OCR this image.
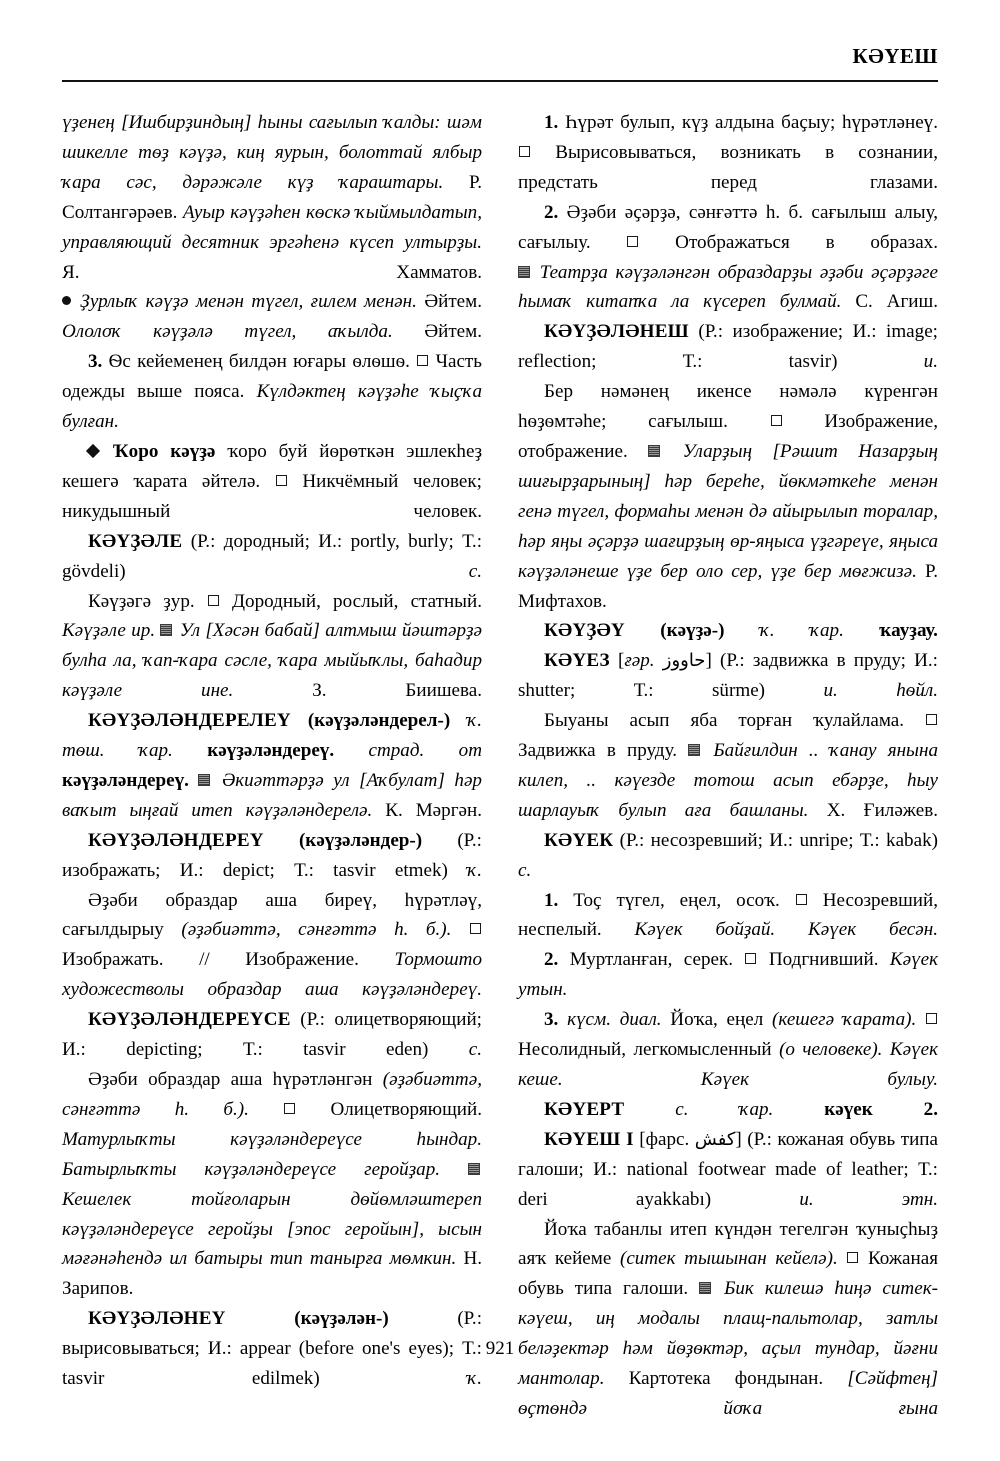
КӘYЕШ

үҙенең [Ишбирҙиндың] һыны сағылып ҡалды: шәм шикелле тѳҙ кәүҙә, киң яурын, болоттай ялбыр ҡара сәс, дәрәжәле күҙ ҡараштары. Р. Солтангәрәев. Ауыр кәүҙәһен кѳскә ҡыймылдатып, управляющий десятник эргәһенә күсеп ултырҙы. Я. Хамматов.

Ҙурлыҡ кәүҙә менән түгел, ғилем менән. Әйтем. Ололоҡ кәүҙәлә түгел, аҡылда. Әйтем.

3. Ѳс кейеменең билдән юғары ѳлѳшѳ. Часть одежды выше пояса. Күлдәктең кәүҙәһе ҡыҫҡа булған.

Ҡоро кәүҙә ҡоро буй йѳрѳткән эшлекһеҙ кешегә ҡарата әйтелә. Никчёмный человек; никудышный человек.

КӘҮҘӘЛЕ (Р.: дородный; И.: portly, burly; Т.: gövdeli)	с.

Кәүҙәгә ҙур. Дородный, рослый, статный. Кәүҙәле ир. Ул [Хәсән бабай] алтмыш йәштәрҙә булһа ла, ҡап-ҡара сәсле, ҡара мыйыҡлы, баһадир кәүҙәле ине.	З. Биишева.

КӘҮҘӘЛӘНДЕРЕЛЕҮ (кәүҙәләндерел-) ҡ. тѳш. ҡар. кәүҙәләндереү. страд. от кәүҙәләндереү. Әкиәттәрҙә ул [Аҡбулат] һәр ваҡыт ыңғай итеп кәүҙәләндерелә. К. Мәргән.

КӘҮҘӘЛӘНДЕРЕҮ (кәүҙәләндер-) (Р.: изображать; И.: depict; Т.: tasvir etmek) ҡ.

Әҙәби образдар аша биреү, һүрәтләү, сағылдырыу (әҙәбиәттә, сәнғәттә һ. б.).  Изображать. // Изображение. Тормошто художестволы образдар аша кәүҙәләндереү.

КӘҮҘӘЛӘНДЕРЕҮСЕ (Р.: олицетворяющий; И.: depicting; Т.: tasvir eden) с.

Әҙәби образдар аша һүрәтләнгән (әҙәбиәттә, сәнғәттә һ. б.).	Олицетворяющий. Матурлыҡты кәүҙәләндереүсе һындар. Батырлыҡты кәүҙәләндереүсе геройҙар.  Кешелек тойғоларын дѳйѳмләштереп кәүҙәләндереүсе геройҙы [эпос геройын], ысын мәғәнәһендә ил батыры тип танырға мѳмкин. Н. Зарипов.

КӘҮҘӘЛӘНЕҮ	(кәүҙәлән-)	(Р.: вырисовываться; И.: appear (before one's eyes); Т.: tasvir edilmek)	ҡ.

1. Һүрәт булып, күҙ алдына баҫыу; һүрәтләнеү.  Вырисовываться, возникать в сознании, предстать перед глазами.

2. Әҙәби әҫәрҙә, сәнғәттә һ. б. сағылыш алыу, сағылыу.	Отображаться в образах.

Театрҙа кәүҙәләнгән образдарҙы әҙәби әҫәрҙәге һымаҡ китапҡа ла күсереп булмай. С. Агиш.

КӘҮҘӘЛӘНЕШ (Р.: изображение; И.: image; reflection; Т.: tasvir)	и.

Бер нәмәнең икенсе нәмәлә күренгән һѳҙѳмтәһе; сағылыш.	Изображение, отображение.	Уларҙың [Рәшит Назарҙың шиғырҙарының] һәр береһе, йѳкмәткеһе менән генә түгел, формаһы менән дә айырылып торалар, һәр яңы әҫәрҙә шағирҙың ѳр-яңыса үҙгәреүе, яңыса кәүҙәләнеше үҙе бер оло сер, үҙе бер мѳғжизә. Р. Мифтахов.

КӘҮҘӘҮ (кәүҙә-) ҡ. ҡар. ҡауҙау.

КӘҮЕЗ [ғәр. حاووز] (Р.: задвижка в пруду; И.: shutter; Т.: sürme)	и. һѳйл.

Быуаны асып яба торған ҡулайлама.  Задвижка в пруду. Байғилдин .. ҡанау янына килеп, .. кәүезде тотош асып ебәрҙе, һыу шарлауыҡ булып аға башланы. Х. Ғиләжев.

КӘҮЕК (Р.: несозревший; И.: unripe; Т.: kabak) с.

1. Тоҫ түгел, еңел, осоҡ. Несозревший, неспелый. Кәүек бойҙай. Кәүек бесән.

2. Муртланған, серек. Подгнивший. Кәүек утын.

3. күсм. диал. Йоҡа, еңел (кешегә ҡарата).  Несолидный, легкомысленный (о человеке). Кәүек кеше. Кәүек булыу.

КӘҮЕРТ	с. ҡар.	кәүек 2.

КӘҮЕШ I [фарс. كفش] (Р.: кожаная обувь типа галоши; И.: national footwear made of leather; Т.: deri ayakkabı)	и. этн.

Йоҡа табанлы итеп күндән тегелгән ҡуныҫһыҙ аяҡ кейеме (ситек тышынан кейелә). Кожаная обувь типа галоши. Бик килешә һиңә ситек-кәүеш, иң модалы плащ-пальтолар, затлы беләҙектәр һәм йѳҙѳктәр, аҫыл тундар, йәғни мантолар. Картотека фондынан. [Сәйфтең] ѳҫтѳндә йоҡа ғына

921
